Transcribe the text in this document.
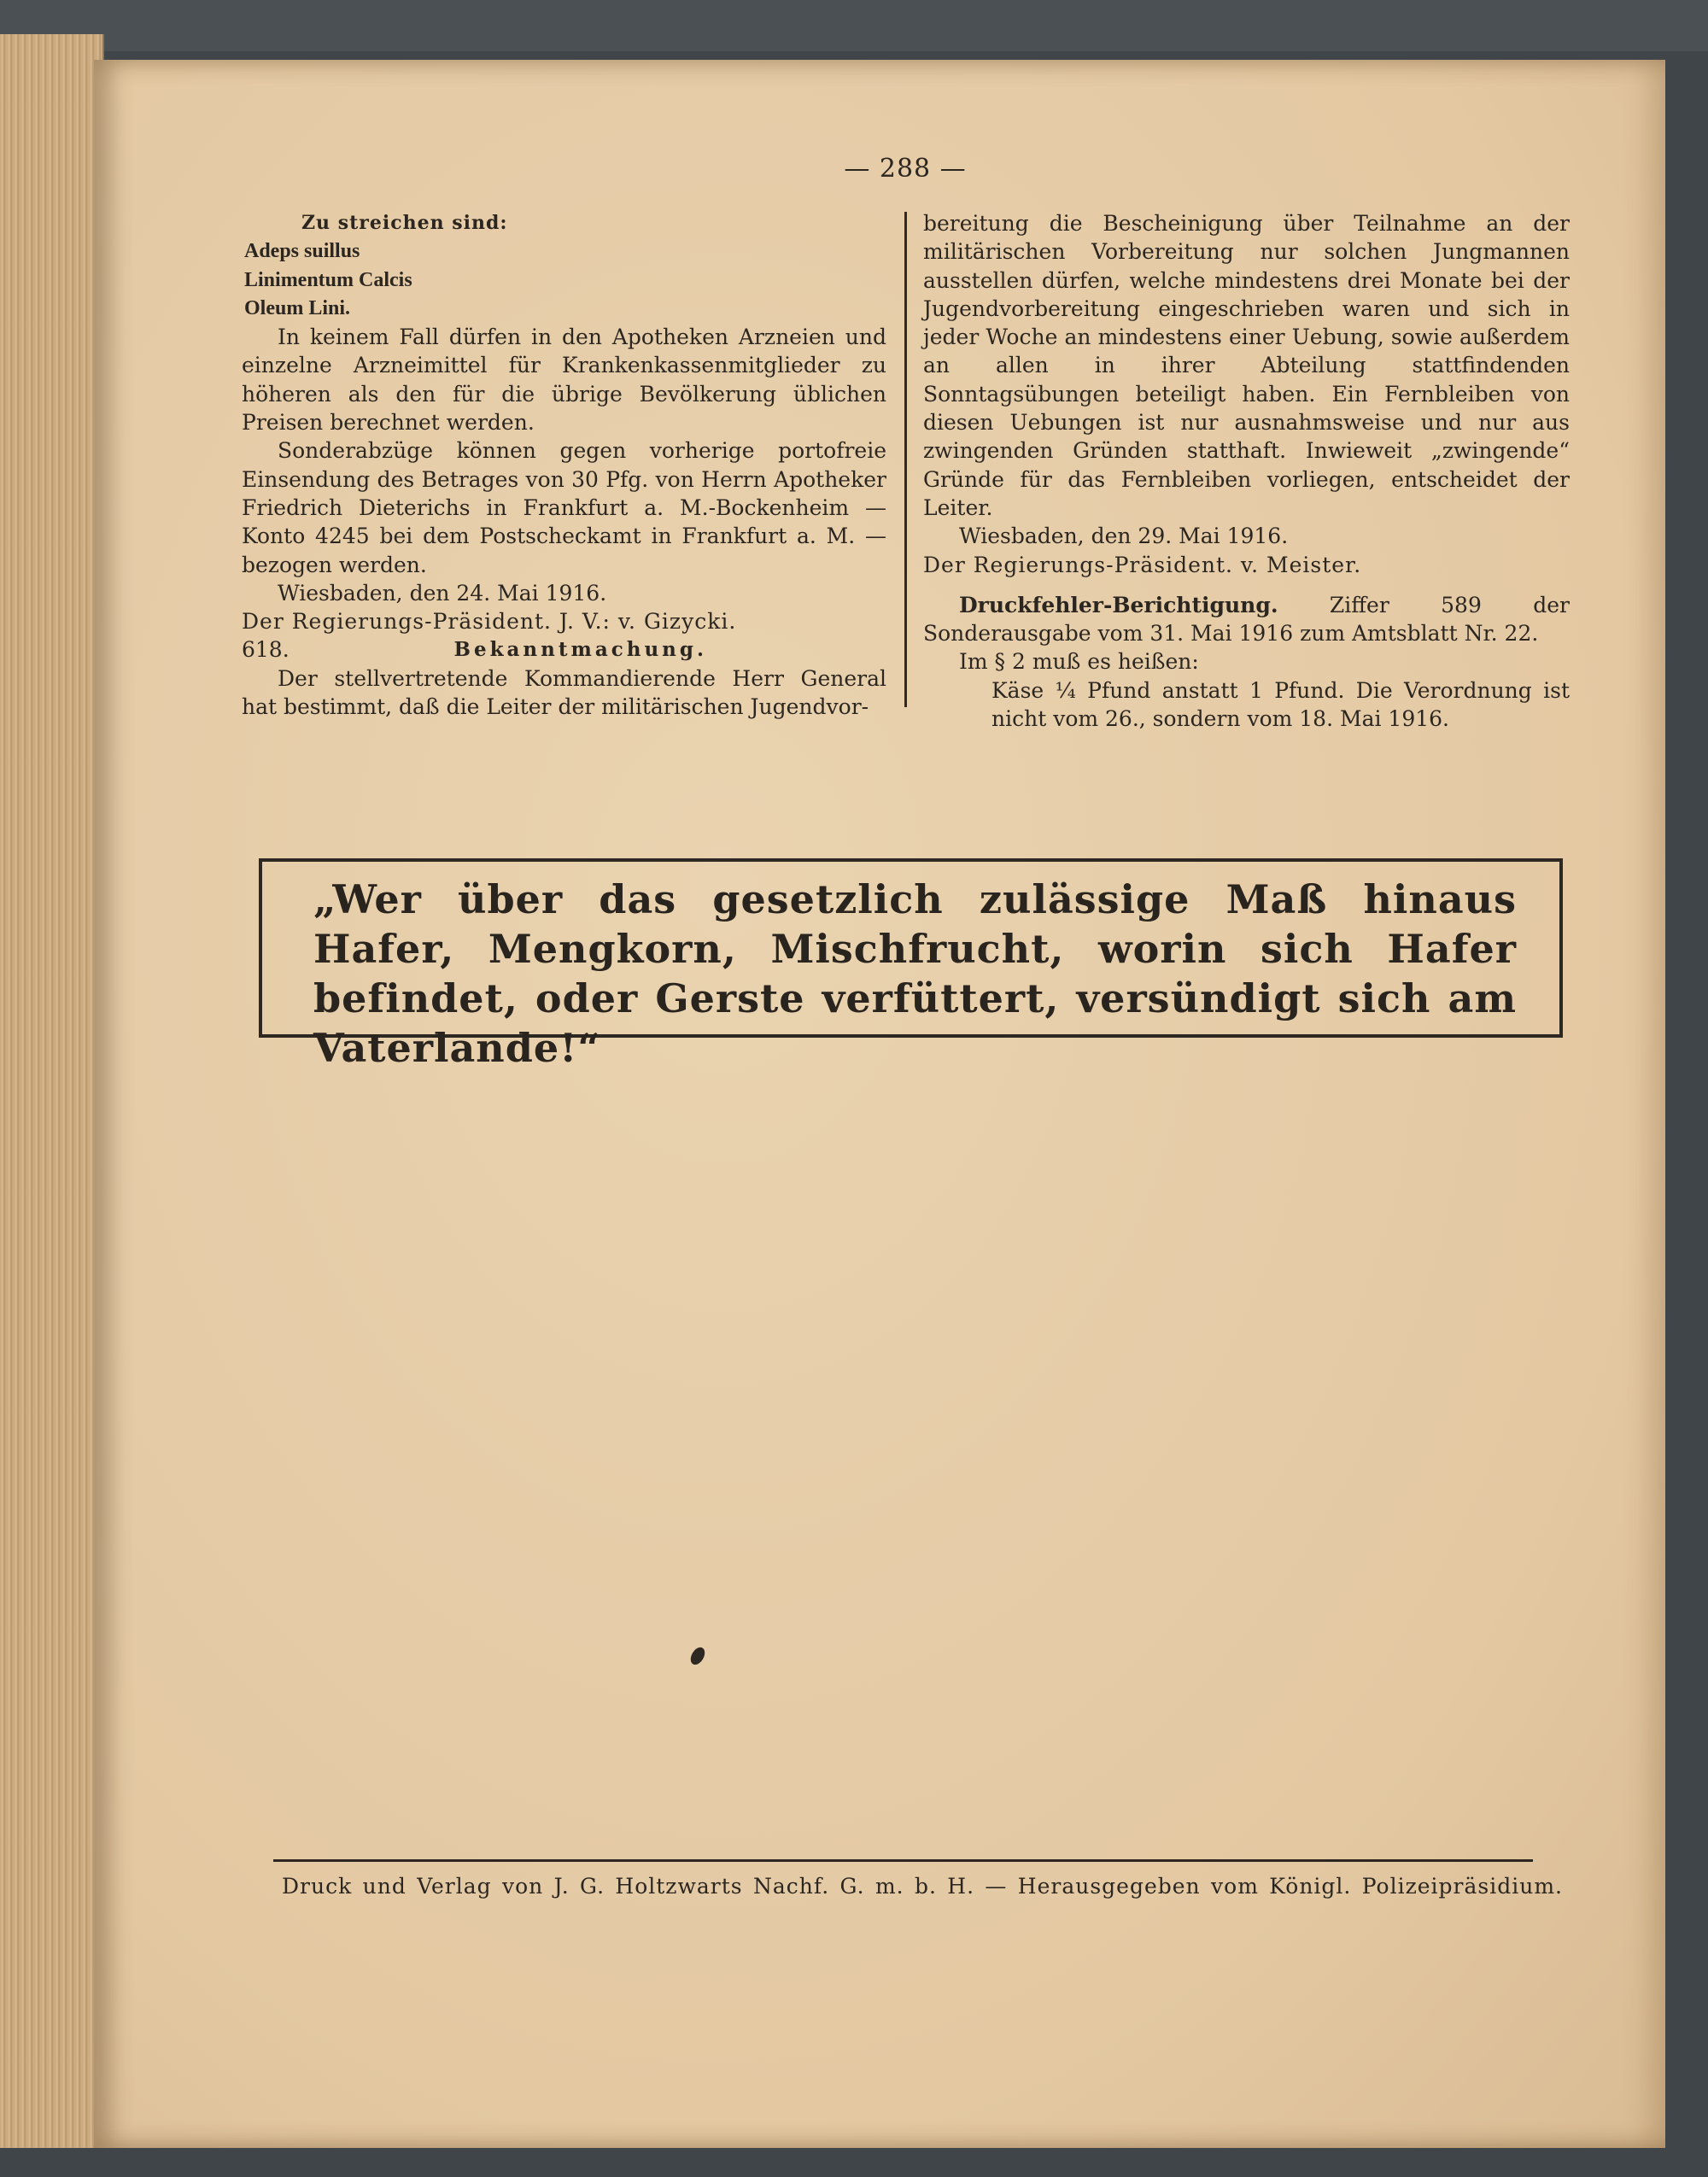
— 288 —
Zu streichen sind:
Adeps suillus
Linimentum Calcis
Oleum Lini.

In keinem Fall dürfen in den Apotheken Arzneien und einzelne Arzneimittel für Krankenkassenmitglieder zu höheren als den für die übrige Bevölkerung üblichen Preisen berechnet werden.

Sonderabzüge können gegen vorherige portofreie Einsendung des Betrages von 30 Pfg. von Herrn Apotheker Friedrich Dieterichs in Frankfurt a. M.-Bockenheim — Konto 4245 bei dem Postscheckamt in Frankfurt a. M. — bezogen werden.

Wiesbaden, den 24. Mai 1916.

Der Regierungs-Präsident. J. V.: v. Gizycki.

618.	Bekanntmachung.

Der stellvertretende Kommandierende Herr General hat bestimmt, daß die Leiter der militärischen Jugendvor-

bereitung die Bescheinigung über Teilnahme an der militärischen Vorbereitung nur solchen Jungmannen ausstellen dürfen, welche mindestens drei Monate bei der Jugendvorbereitung eingeschrieben waren und sich in jeder Woche an mindestens einer Uebung, sowie außerdem an allen in ihrer Abteilung stattfindenden Sonntagsübungen beteiligt haben. Ein Fernbleiben von diesen Uebungen ist nur ausnahmsweise und nur aus zwingenden Gründen statthaft. Inwieweit „zwingende“ Gründe für das Fernbleiben vorliegen, entscheidet der Leiter.

Wiesbaden, den 29. Mai 1916.

Der Regierungs-Präsident. v. Meister.

Druckfehler-Berichtigung. Ziffer 589 der Sonderausgabe vom 31. Mai 1916 zum Amtsblatt Nr. 22.

Im § 2 muß es heißen:

Käse ¼ Pfund anstatt 1 Pfund. Die Verordnung ist nicht vom 26., sondern vom 18. Mai 1916.

„Wer über das gesetzlich zulässige Maß hinaus Hafer, Mengkorn, Mischfrucht, worin sich Hafer befindet, oder Gerste verfüttert, versündigt sich am Vaterlande!“
Druck und Verlag von J. G. Holtzwarts Nachf. G. m. b. H. — Herausgegeben vom Königl. Polizeipräsidium.
